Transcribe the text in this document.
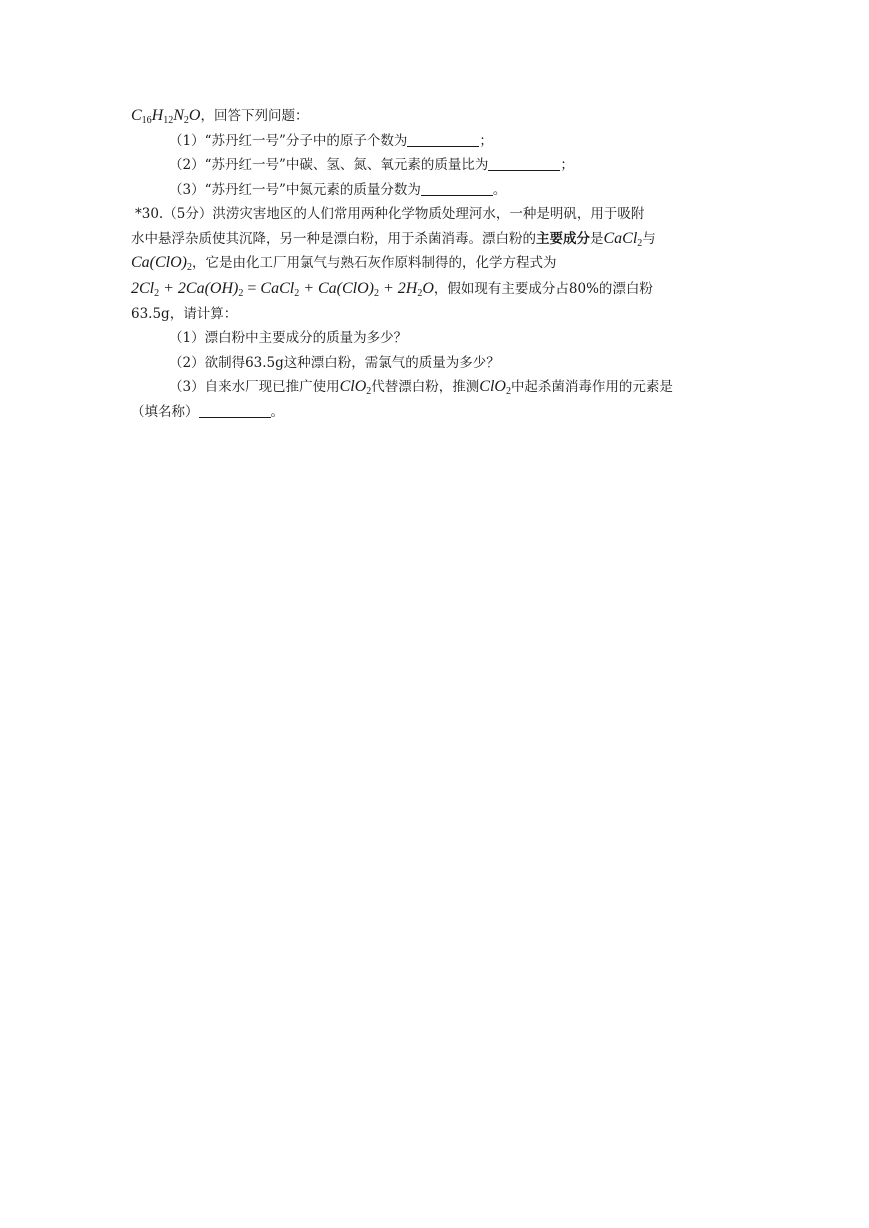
$C_{16}H_{12}N_2O$，回答下列问题：
（1）“苏丹红一号”分子中的原子个数为	；
（2）“苏丹红一号”中碳、氢、氮、氧元素的质量比为	；
（3）“苏丹红一号”中氮元素的质量分数为	。
*30.（5分）洪涝灾害地区的人们常用两种化学物质处理河水，一种是明矾，用于吸附
水中悬浮杂质使其沉降，另一种是漂白粉，用于杀菌消毒。漂白粉的主要成分是CaCl$_2$与
$Ca(ClO)_2$，它是由化工厂用氯气与熟石灰作原料制得的，化学方程式为
$2Cl_2 + 2Ca(OH)_2$ = CaCl$_2$ + $Ca(ClO)_2 + 2H_2O$，假如现有主要成分占80%的漂白粉
63.5g，请计算：
（1）漂白粉中主要成分的质量为多少？
（2）欲制得63.5g这种漂白粉，需氯气的质量为多少？
（3）自来水厂现已推广使用ClO$_2$代替漂白粉，推测ClO$_2$中起杀菌消毒作用的元素是
（填名称）	。
